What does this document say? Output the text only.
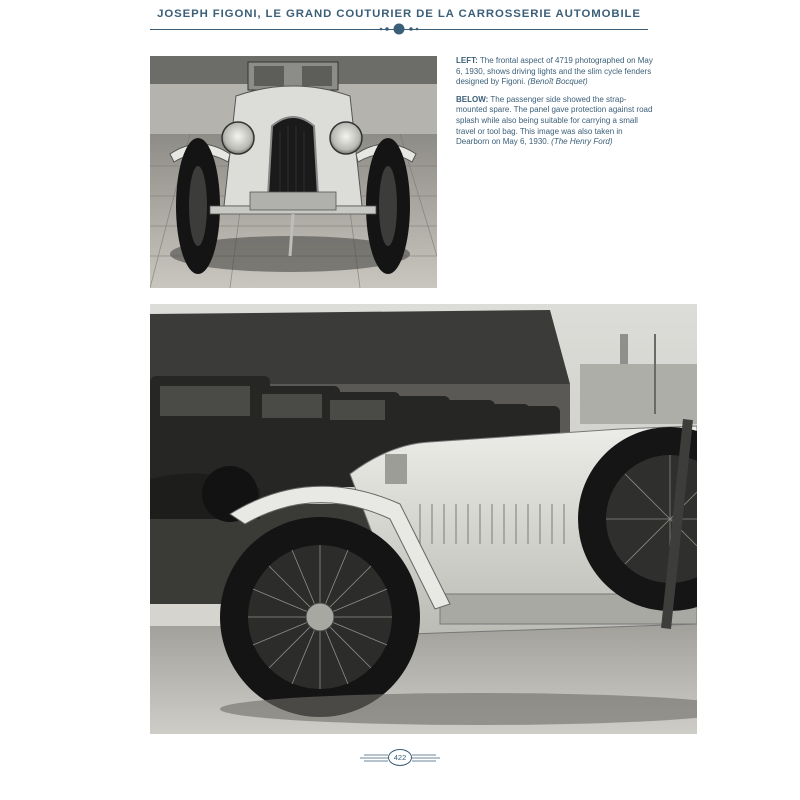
JOSEPH FIGONI, LE GRAND COUTURIER DE LA CARROSSERIE AUTOMOBILE

LEFT: The frontal aspect of 4719 photographed on May 6, 1930, shows driving lights and the slim cycle fenders designed by Figoni. (Benoît Bocquet)

BELOW: The passenger side showed the strap-mounted spare. The panel gave protection against road splash while also being suitable for carrying a small travel or tool bag. This image was also taken in Dearborn on May 6, 1930. (The Henry Ford)

422
